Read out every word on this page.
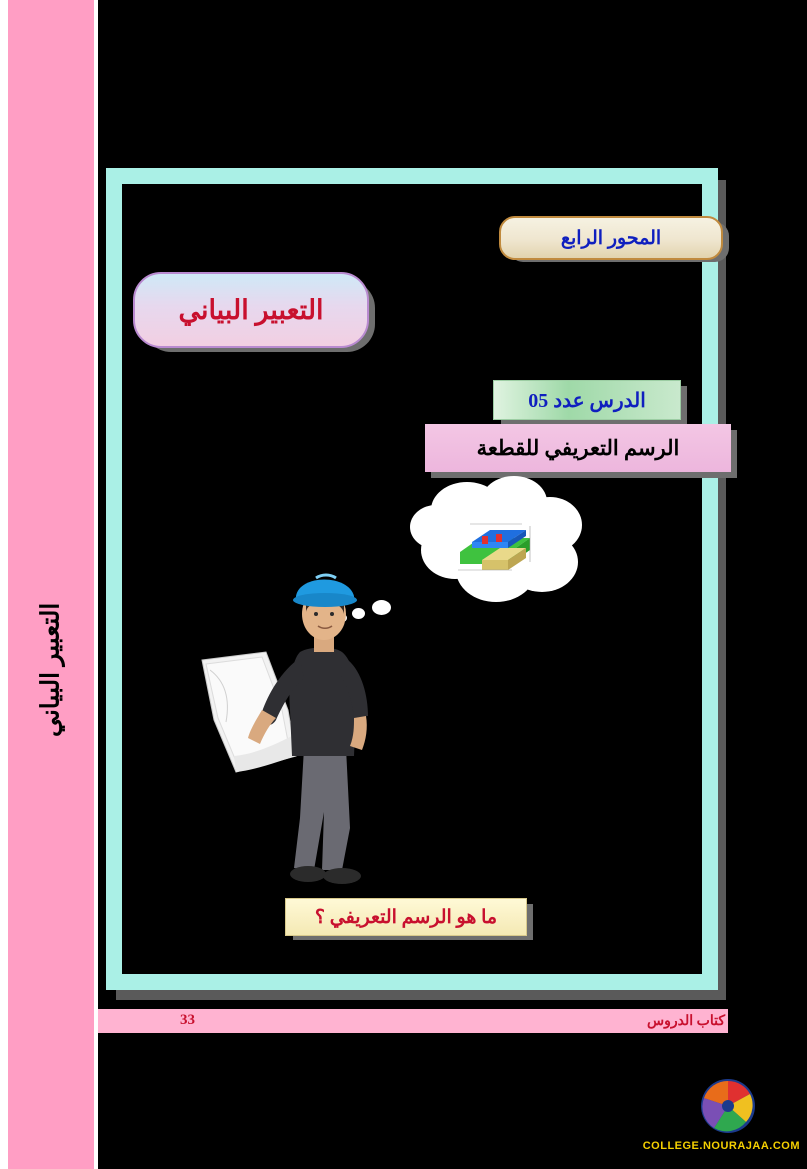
التعبير البياني
المحور الرابع
التعبير البياني
الدرس عدد 05
الرسم التعريفي للقطعة
ما هو الرسم التعريفي ؟
33	كتاب الدروس
COLLEGE.NOURAJAA.COM
